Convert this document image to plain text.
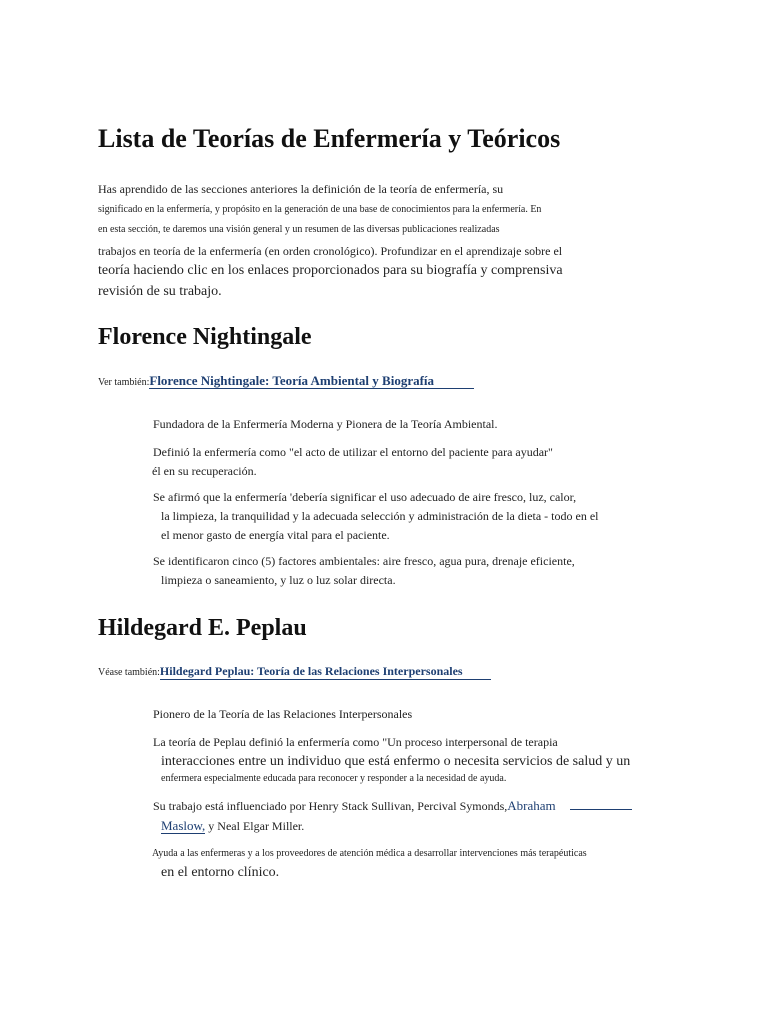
Lista de Teorías de Enfermería y Teóricos
Has aprendido de las secciones anteriores la definición de la teoría de enfermería, su
significado en la enfermería, y propósito en la generación de una base de conocimientos para la enfermería. En
en esta sección, te daremos una visión general y un resumen de las diversas publicaciones realizadas
trabajos en teoría de la enfermería (en orden cronológico). Profundizar en el aprendizaje sobre el
teoría haciendo clic en los enlaces proporcionados para su biografía y comprensiva
revisión de su trabajo.
Florence Nightingale
Ver también:Florence Nightingale: Teoría Ambiental y Biografía
Fundadora de la Enfermería Moderna y Pionera de la Teoría Ambiental.
Definió la enfermería como "el acto de utilizar el entorno del paciente para ayudar"
él en su recuperación.
Se afirmó que la enfermería 'debería significar el uso adecuado de aire fresco, luz, calor,
la limpieza, la tranquilidad y la adecuada selección y administración de la dieta - todo en el
el menor gasto de energía vital para el paciente.
Se identificaron cinco (5) factores ambientales: aire fresco, agua pura, drenaje eficiente,
limpieza o saneamiento, y luz o luz solar directa.
Hildegard E. Peplau
Véase también:Hildegard Peplau: Teoría de las Relaciones Interpersonales
Pionero de la Teoría de las Relaciones Interpersonales
La teoría de Peplau definió la enfermería como "Un proceso interpersonal de terapia
interacciones entre un individuo que está enfermo o necesita servicios de salud y un
enfermera especialmente educada para reconocer y responder a la necesidad de ayuda.
Su trabajo está influenciado por Henry Stack Sullivan, Percival Symonds,Abraham
Maslow, y Neal Elgar Miller.
Ayuda a las enfermeras y a los proveedores de atención médica a desarrollar intervenciones más terapéuticas
en el entorno clínico.
